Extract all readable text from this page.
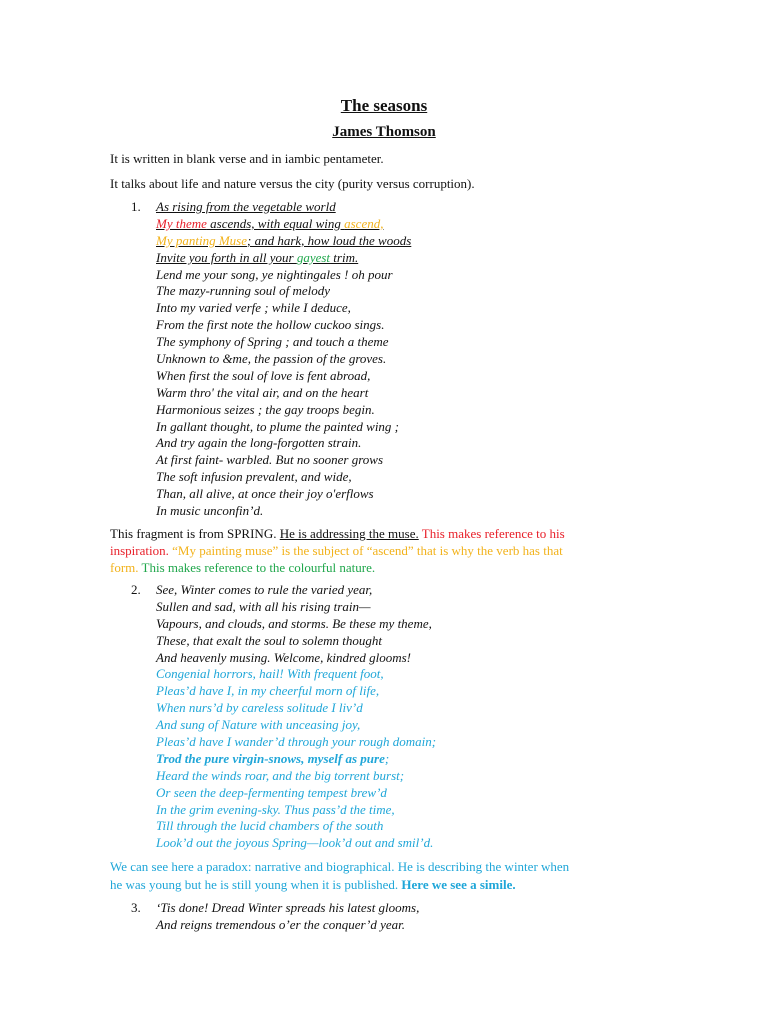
The seasons
James Thomson
It is written in blank verse and in iambic pentameter.
It talks about life and nature versus the city (purity versus corruption).
1. As rising from the vegetable world
My theme ascends, with equal wing ascend,
My panting Muse; and hark, how loud the woods
Invite you forth in all your gayest trim.
Lend me your song, ye nightingales ! oh pour
The mazy-running soul of melody
Into my varied verfe ; while I deduce,
From the first note the hollow cuckoo sings.
The symphony of Spring ; and touch a theme
Unknown to &me, the passion of the groves.
When first the soul of love is fent abroad,
Warm thro' the vital air, and on the heart
Harmonious seizes ; the gay troops begin.
In gallant thought, to plume the painted wing ;
And try again the long-forgotten strain.
At first faint- warbled. But no sooner grows
The soft infusion prevalent, and wide,
Than, all alive, at once their joy o'erflows
In music unconfin’d.
This fragment is from SPRING. He is addressing the muse. This makes reference to his
inspiration. “My painting muse” is the subject of “ascend” that is why the verb has that
form. This makes reference to the colourful nature.
2. See, Winter comes to rule the varied year,
Sullen and sad, with all his rising train—
Vapours, and clouds, and storms. Be these my theme,
These, that exalt the soul to solemn thought
And heavenly musing. Welcome, kindred glooms!
Congenial horrors, hail! With frequent foot,
Pleas’d have I, in my cheerful morn of life,
When nurs’d by careless solitude I liv’d
And sung of Nature with unceasing joy,
Pleas’d have I wander’d through your rough domain;
Trod the pure virgin-snows, myself as pure;
Heard the winds roar, and the big torrent burst;
Or seen the deep-fermenting tempest brew’d
In the grim evening-sky. Thus pass’d the time,
Till through the lucid chambers of the south
Look’d out the joyous Spring—look’d out and smil’d.
We can see here a paradox: narrative and biographical. He is describing the winter when
he was young but he is still young when it is published. Here we see a simile.
3. ‘Tis done! Dread Winter spreads his latest glooms,
And reigns tremendous o’er the conquer’d year.
